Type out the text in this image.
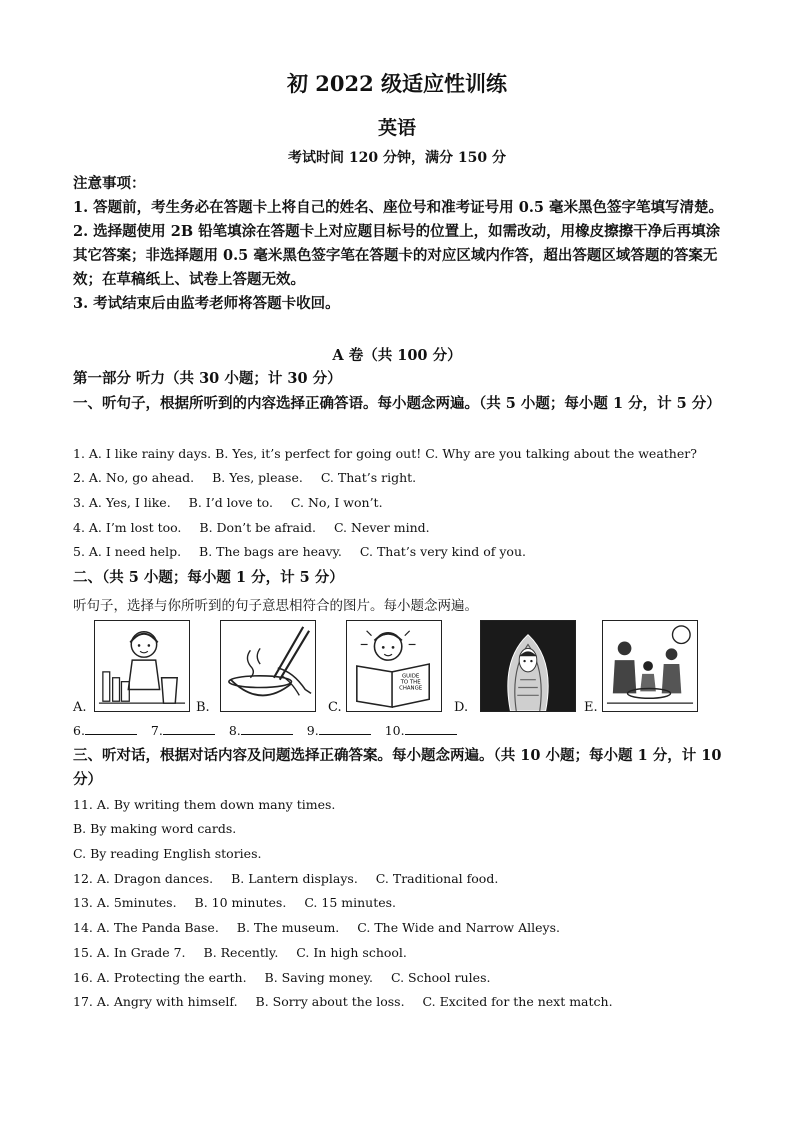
初 2022 级适应性训练
英语
考试时间 120 分钟，满分 150 分

注意事项：

1. 答题前，考生务必在答题卡上将自己的姓名、座位号和准考证号用 0.5 毫米黑色签字笔填写清楚。

2. 选择题使用 2B 铅笔填涂在答题卡上对应题目标号的位置上，如需改动，用橡皮擦擦干净后再填涂其它答案；非选择题用 0.5 毫米黑色签字笔在答题卡的对应区域内作答，超出答题区域答题的答案无效；在草稿纸上、试卷上答题无效。

3. 考试结束后由监考老师将答题卡收回。

A 卷（共 100 分）
第一部分 听力（共 30 小题；计 30 分）
一、听句子，根据所听到的内容选择正确答语。每小题念两遍。（共 5 小题；每小题 1 分，计 5 分）
1. A. I like rainy days. B. Yes, it’s perfect for going out! C. Why are you talking about the weather?
2. A. No, go ahead. B. Yes, please. C. That’s right.
3. A. Yes, I like. B. I’d love to. C. No, I won’t.
4. A. I’m lost too. B. Don’t be afraid. C. Never mind.
5. A. I need help. B. The bags are heavy. C. That’s very kind of you.
二、（共 5 小题；每小题 1 分，计 5 分）
听句子，选择与你所听到的句子意思相符合的图片。每小题念两遍。
A.	B.
GUIDE
TO THE
CHANGE
C.	D.	E.
6.	7.	8.	9.	10.
三、听对话，根据对话内容及问题选择正确答案。每小题念两遍。（共 10 小题；每小题 1 分，计 10 分）
11. A. By writing them down many times.
B. By making word cards.
C. By reading English stories.
12. A. Dragon dances. B. Lantern displays. C. Traditional food.
13. A. 5minutes. B. 10 minutes. C. 15 minutes.
14. A. The Panda Base. B. The museum. C. The Wide and Narrow Alleys.
15. A. In Grade 7. B. Recently. C. In high school.
16. A. Protecting the earth. B. Saving money. C. School rules.
17. A. Angry with himself. B. Sorry about the loss. C. Excited for the next match.
